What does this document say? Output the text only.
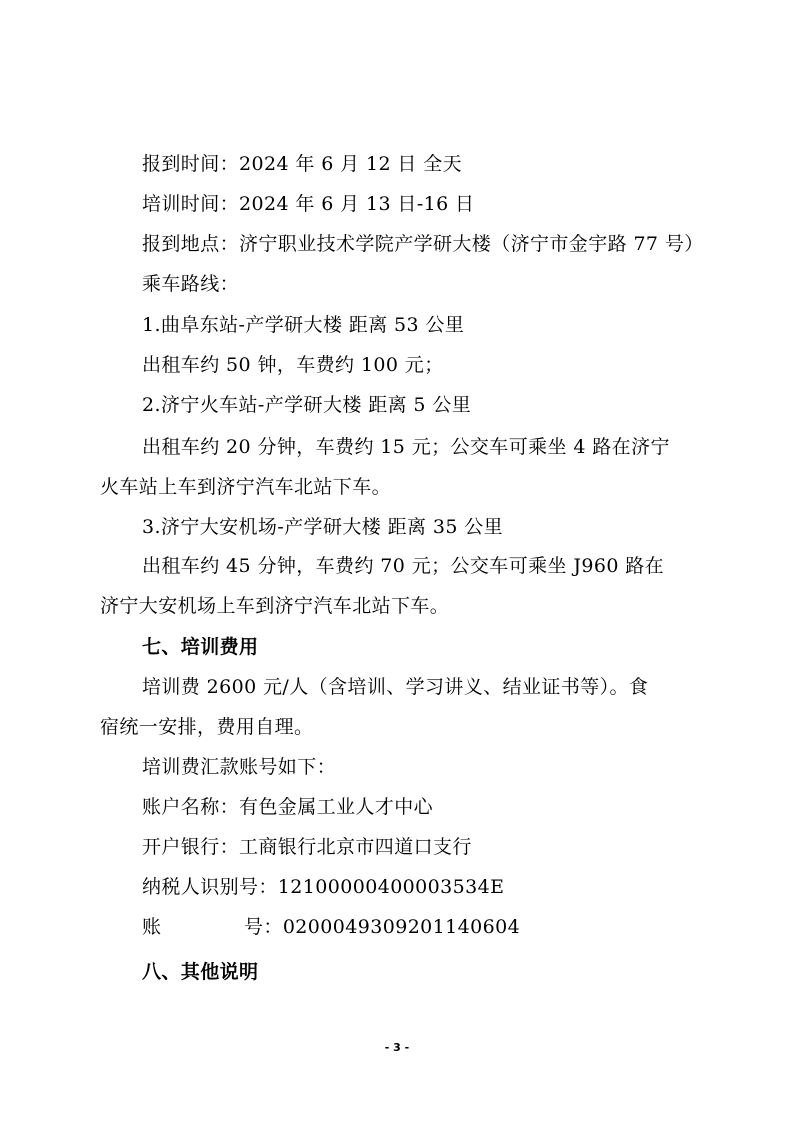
报到时间：2024 年 6 月 12 日 全天
培训时间：2024 年 6 月 13 日-16 日
报到地点：济宁职业技术学院产学研大楼（济宁市金宇路 77 号）
乘车路线：
1.曲阜东站-产学研大楼 距离 53 公里
出租车约 50 钟，车费约 100 元；
2.济宁火车站-产学研大楼 距离 5 公里
出租车约 20 分钟，车费约 15 元；公交车可乘坐 4 路在济宁
火车站上车到济宁汽车北站下车。
3.济宁大安机场-产学研大楼 距离 35 公里
出租车约 45 分钟，车费约 70 元；公交车可乘坐 J960 路在
济宁大安机场上车到济宁汽车北站下车。
七、培训费用
培训费 2600 元/人（含培训、学习讲义、结业证书等）。食
宿统一安排，费用自理。
培训费汇款账号如下：
账户名称：有色金属工业人才中心
开户银行：工商银行北京市四道口支行
纳税人识别号：12100000400003534E
账	号：0200049309201140604
八、其他说明
- 3 -
